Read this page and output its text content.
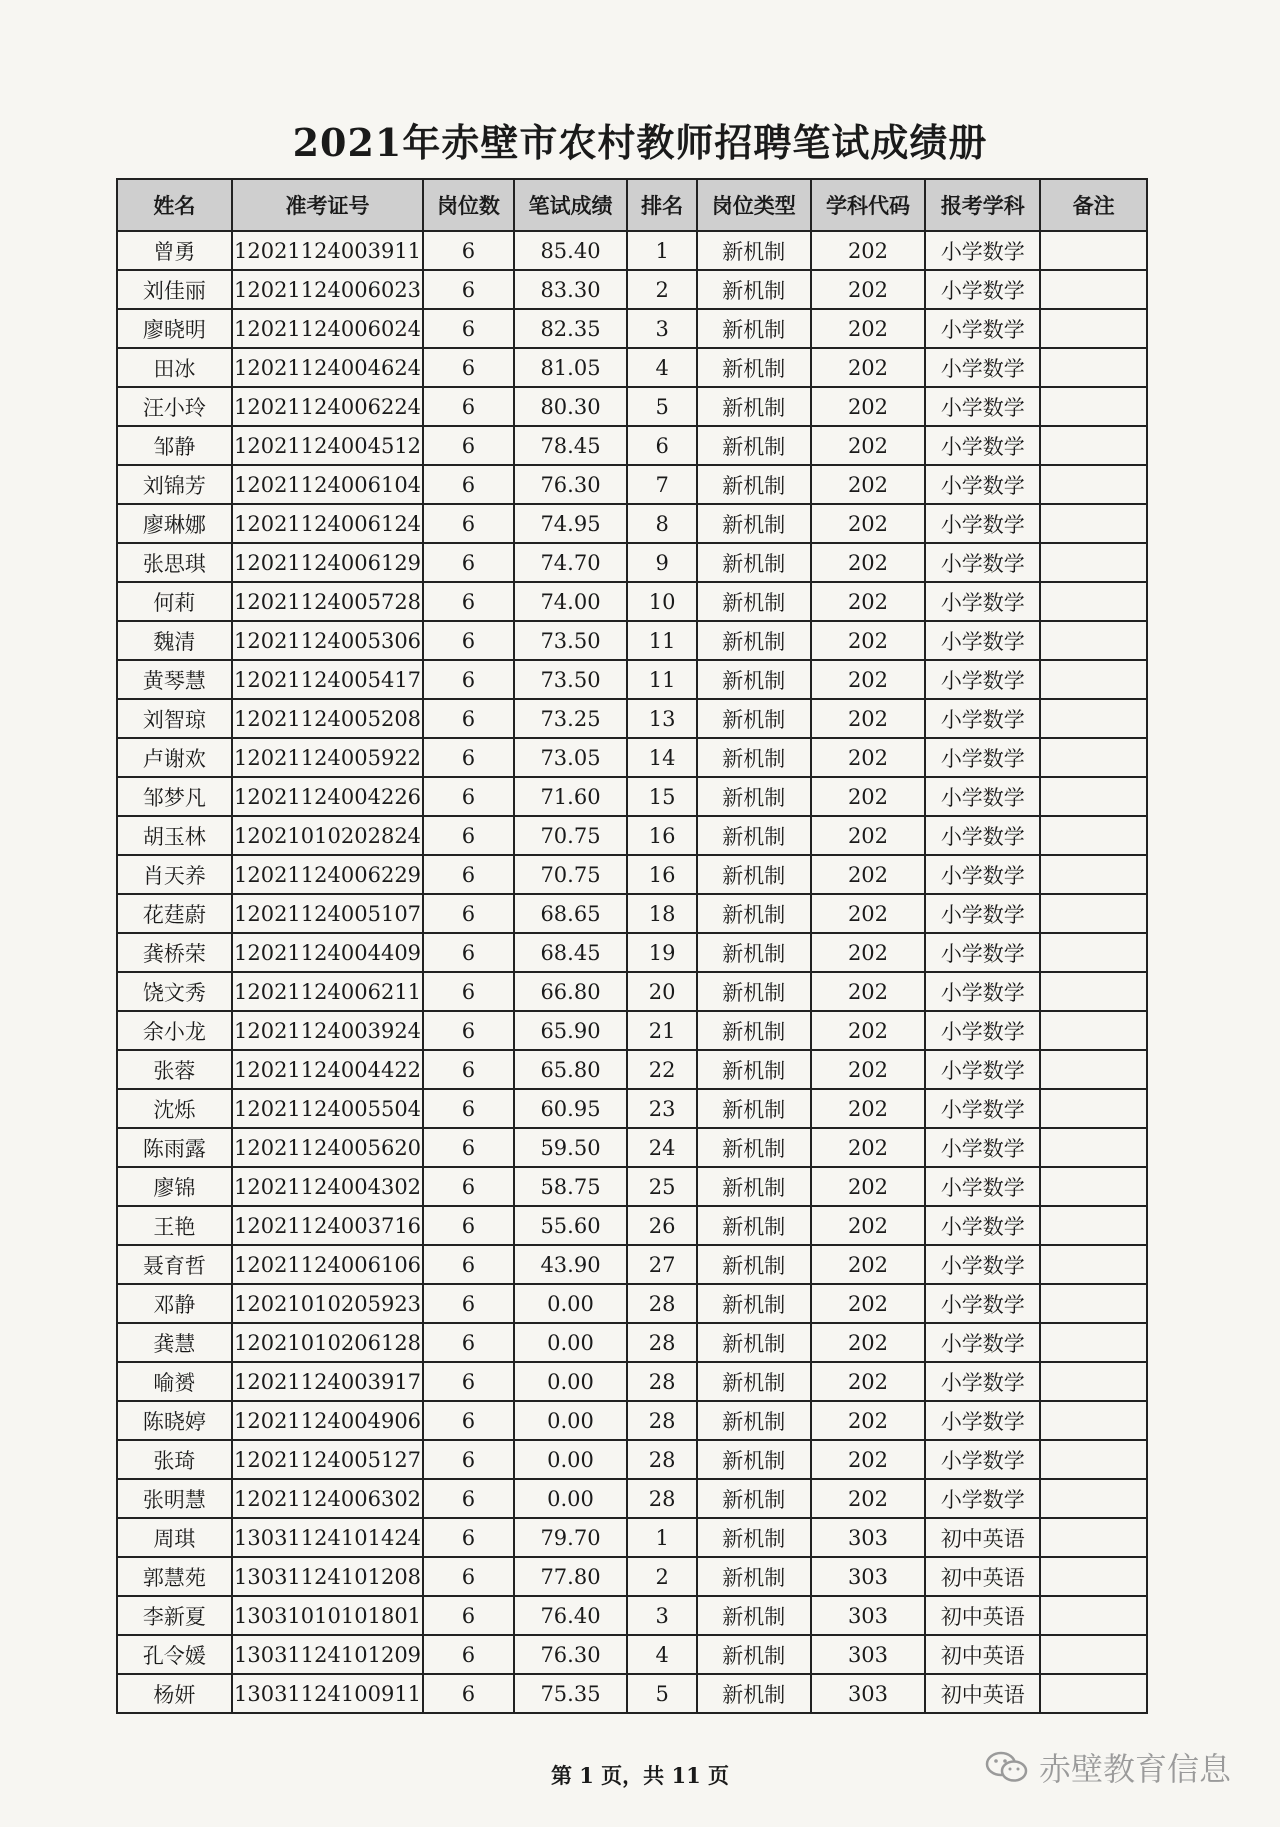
2021年赤壁市农村教师招聘笔试成绩册
姓名	准考证号	岗位数	笔试成绩	排名	岗位类型	学科代码	报考学科	备注
曾勇	12021124003911	6	85.40	1	新机制	202	小学数学	
刘佳丽	12021124006023	6	83.30	2	新机制	202	小学数学	
廖晓明	12021124006024	6	82.35	3	新机制	202	小学数学	
田冰	12021124004624	6	81.05	4	新机制	202	小学数学	
汪小玲	12021124006224	6	80.30	5	新机制	202	小学数学	
邹静	12021124004512	6	78.45	6	新机制	202	小学数学	
刘锦芳	12021124006104	6	76.30	7	新机制	202	小学数学	
廖琳娜	12021124006124	6	74.95	8	新机制	202	小学数学	
张思琪	12021124006129	6	74.70	9	新机制	202	小学数学	
何莉	12021124005728	6	74.00	10	新机制	202	小学数学	
魏清	12021124005306	6	73.50	11	新机制	202	小学数学	
黄琴慧	12021124005417	6	73.50	11	新机制	202	小学数学	
刘智琼	12021124005208	6	73.25	13	新机制	202	小学数学	
卢谢欢	12021124005922	6	73.05	14	新机制	202	小学数学	
邹梦凡	12021124004226	6	71.60	15	新机制	202	小学数学	
胡玉林	12021010202824	6	70.75	16	新机制	202	小学数学	
肖天养	12021124006229	6	70.75	16	新机制	202	小学数学	
花莛蔚	12021124005107	6	68.65	18	新机制	202	小学数学	
龚桥荣	12021124004409	6	68.45	19	新机制	202	小学数学	
饶文秀	12021124006211	6	66.80	20	新机制	202	小学数学	
余小龙	12021124003924	6	65.90	21	新机制	202	小学数学	
张蓉	12021124004422	6	65.80	22	新机制	202	小学数学	
沈烁	12021124005504	6	60.95	23	新机制	202	小学数学	
陈雨露	12021124005620	6	59.50	24	新机制	202	小学数学	
廖锦	12021124004302	6	58.75	25	新机制	202	小学数学	
王艳	12021124003716	6	55.60	26	新机制	202	小学数学	
聂育哲	12021124006106	6	43.90	27	新机制	202	小学数学	
邓静	12021010205923	6	0.00	28	新机制	202	小学数学	
龚慧	12021010206128	6	0.00	28	新机制	202	小学数学	
喻赟	12021124003917	6	0.00	28	新机制	202	小学数学	
陈晓婷	12021124004906	6	0.00	28	新机制	202	小学数学	
张琦	12021124005127	6	0.00	28	新机制	202	小学数学	
张明慧	12021124006302	6	0.00	28	新机制	202	小学数学	
周琪	13031124101424	6	79.70	1	新机制	303	初中英语	
郭慧苑	13031124101208	6	77.80	2	新机制	303	初中英语	
李新夏	13031010101801	6	76.40	3	新机制	303	初中英语	
孔令媛	13031124101209	6	76.30	4	新机制	303	初中英语	
杨妍	13031124100911	6	75.35	5	新机制	303	初中英语	
第 1 页，共 11 页	赤壁教育信息
